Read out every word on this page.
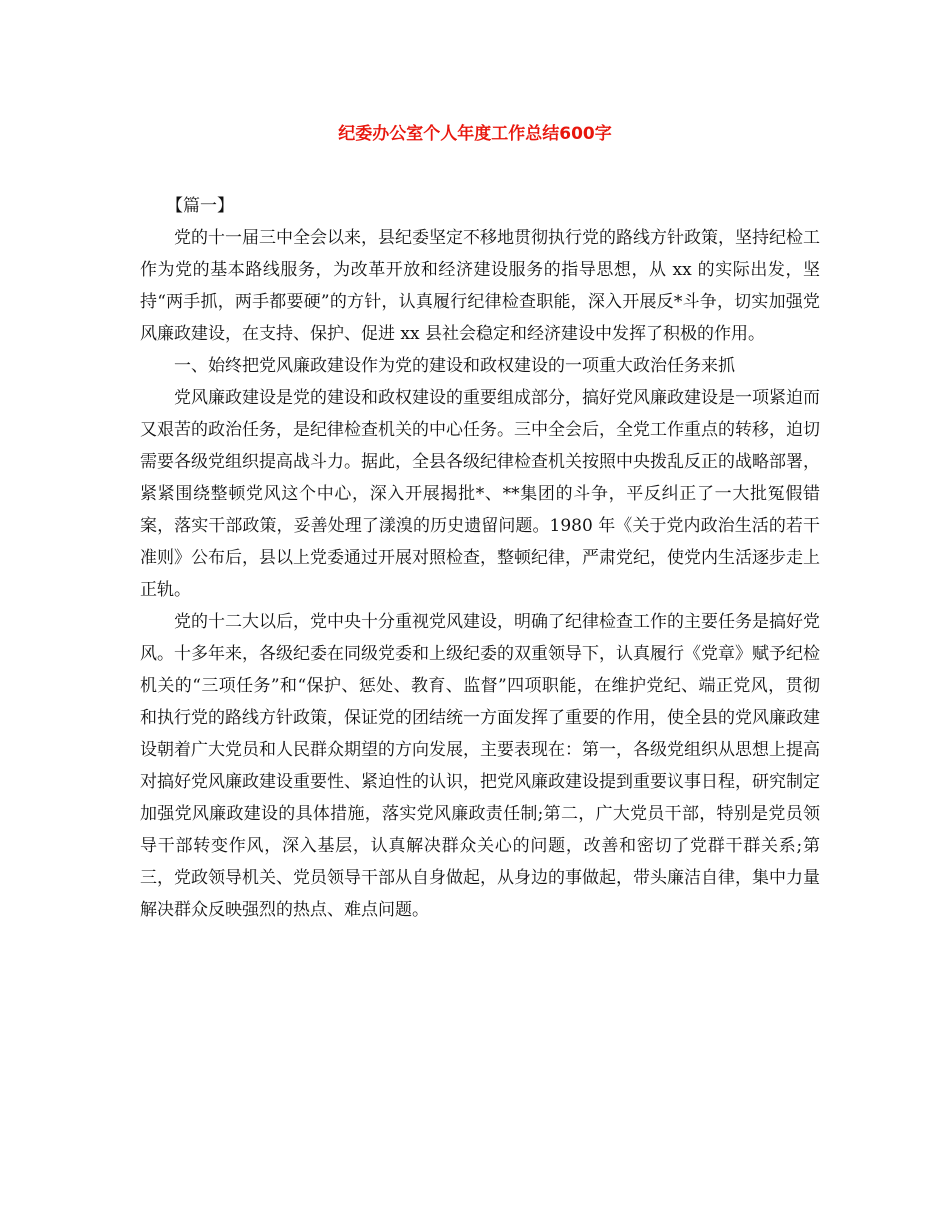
纪委办公室个人年度工作总结600字

【篇一】

党的十一届三中全会以来，县纪委坚定不移地贯彻执行党的路线方针政策，坚持纪检工作为党的基本路线服务，为改革开放和经济建设服务的指导思想，从 xx 的实际出发，坚持“两手抓，两手都要硬”的方针，认真履行纪律检查职能，深入开展反*斗争，切实加强党风廉政建设，在支持、保护、促进 xx 县社会稳定和经济建设中发挥了积极的作用。

一、始终把党风廉政建设作为党的建设和政权建设的一项重大政治任务来抓

党风廉政建设是党的建设和政权建设的重要组成部分，搞好党风廉政建设是一项紧迫而又艰苦的政治任务，是纪律检查机关的中心任务。三中全会后，全党工作重点的转移，迫切需要各级党组织提高战斗力。据此，全县各级纪律检查机关按照中央拨乱反正的战略部署，紧紧围绕整顿党风这个中心，深入开展揭批*、**集团的斗争，平反纠正了一大批冤假错案，落实干部政策，妥善处理了漾溴的历史遗留问题。1980 年《关于党内政治生活的若干准则》公布后，县以上党委通过开展对照检查，整顿纪律，严肃党纪，使党内生活逐步走上正轨。

党的十二大以后，党中央十分重视党风建设，明确了纪律检查工作的主要任务是搞好党风。十多年来，各级纪委在同级党委和上级纪委的双重领导下，认真履行《党章》赋予纪检机关的“三项任务”和“保护、惩处、教育、监督”四项职能，在维护党纪、端正党风，贯彻和执行党的路线方针政策，保证党的团结统一方面发挥了重要的作用，使全县的党风廉政建设朝着广大党员和人民群众期望的方向发展，主要表现在：第一，各级党组织从思想上提高对搞好党风廉政建设重要性、紧迫性的认识，把党风廉政建设提到重要议事日程，研究制定加强党风廉政建设的具体措施，落实党风廉政责任制;第二，广大党员干部，特别是党员领导干部转变作风，深入基层，认真解决群众关心的问题，改善和密切了党群干群关系;第三，党政领导机关、党员领导干部从自身做起，从身边的事做起，带头廉洁自律，集中力量解决群众反映强烈的热点、难点问题。
